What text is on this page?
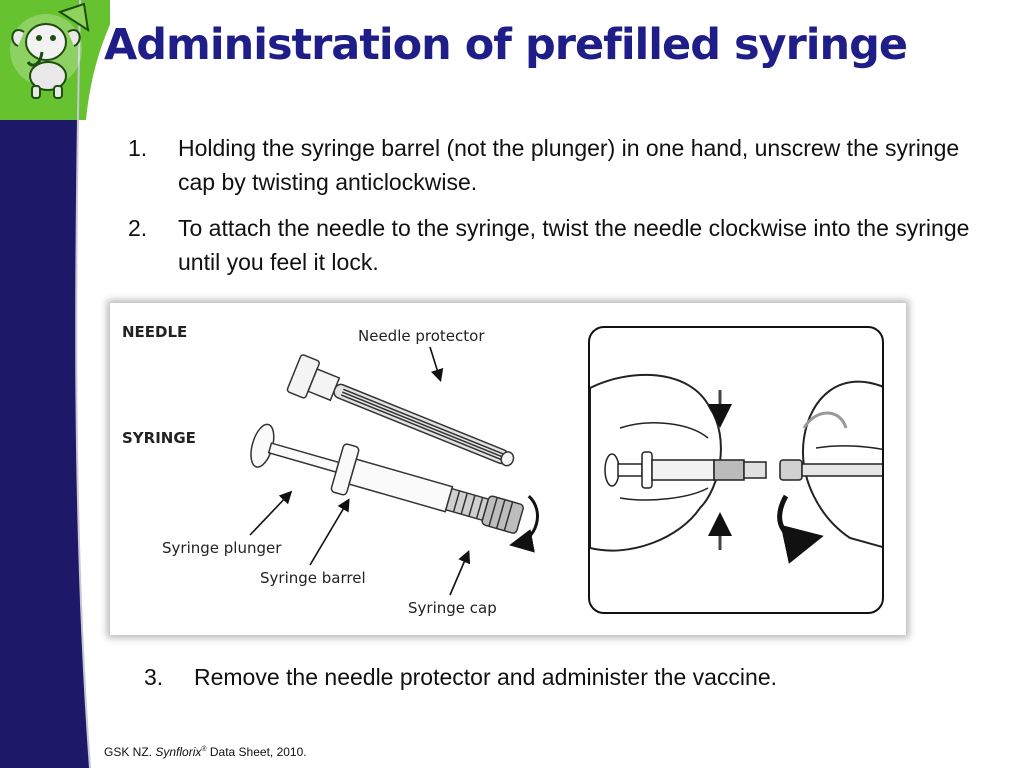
Administration of prefilled syringe
1. Holding the syringe barrel (not the plunger) in one hand, unscrew the syringe cap by twisting anticlockwise.
2. To attach the needle to the syringe, twist the needle clockwise into the syringe until you feel it lock.
NEEDLE	Needle protector
SYRINGE
Syringe plunger
Syringe barrel
Syringe cap
3. Remove the needle protector and administer the vaccine.
GSK NZ. Synflorix® Data Sheet, 2010.
